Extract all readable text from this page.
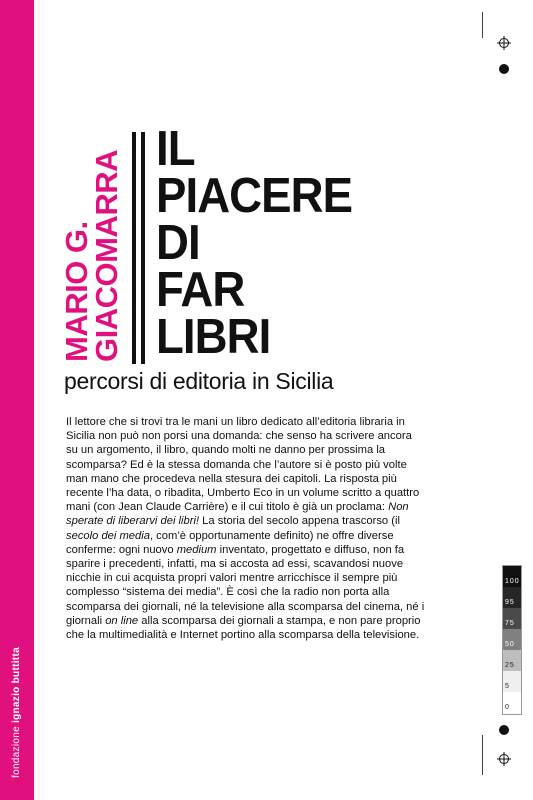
fondazione ignazio buttitta
MARIO G.
GIACOMARRA
IL
PIACERE
DI
FAR
LIBRI
percorsi di editoria in Sicilia

Il lettore che si trovi tra le mani un libro dedicato all’editoria libraria in Sicilia non può non porsi una domanda: che senso ha scrivere ancora su un argomento, il libro, quando molti ne danno per prossima la scomparsa? Ed è la stessa domanda che l’autore si è posto più volte man mano che procedeva nella stesura dei capitoli. La risposta più recente l’ha data, o ribadita, Umberto Eco in un volume scritto a quattro mani (con Jean Claude Carrière) e il cui titolo è già un proclama: Non sperate di liberarvi dei libri! La storia del secolo appena trascorso (il secolo dei media, com’è opportunamente definito) ne offre diverse conferme: ogni nuovo medium inventato, progettato e diffuso, non fa sparire i precedenti, infatti, ma si accosta ad essi, scavandosi nuove nicchie in cui acquista propri valori mentre arricchisce il sempre più complesso “sistema dei media”. È così che la radio non porta alla scomparsa dei giornali, né la televisione alla scomparsa del cinema, né i giornali on line alla scomparsa dei giornali a stampa, e non pare proprio che la multimedialità e Internet portino alla scomparsa della televisione.

100
95
75
50
25
5
0
